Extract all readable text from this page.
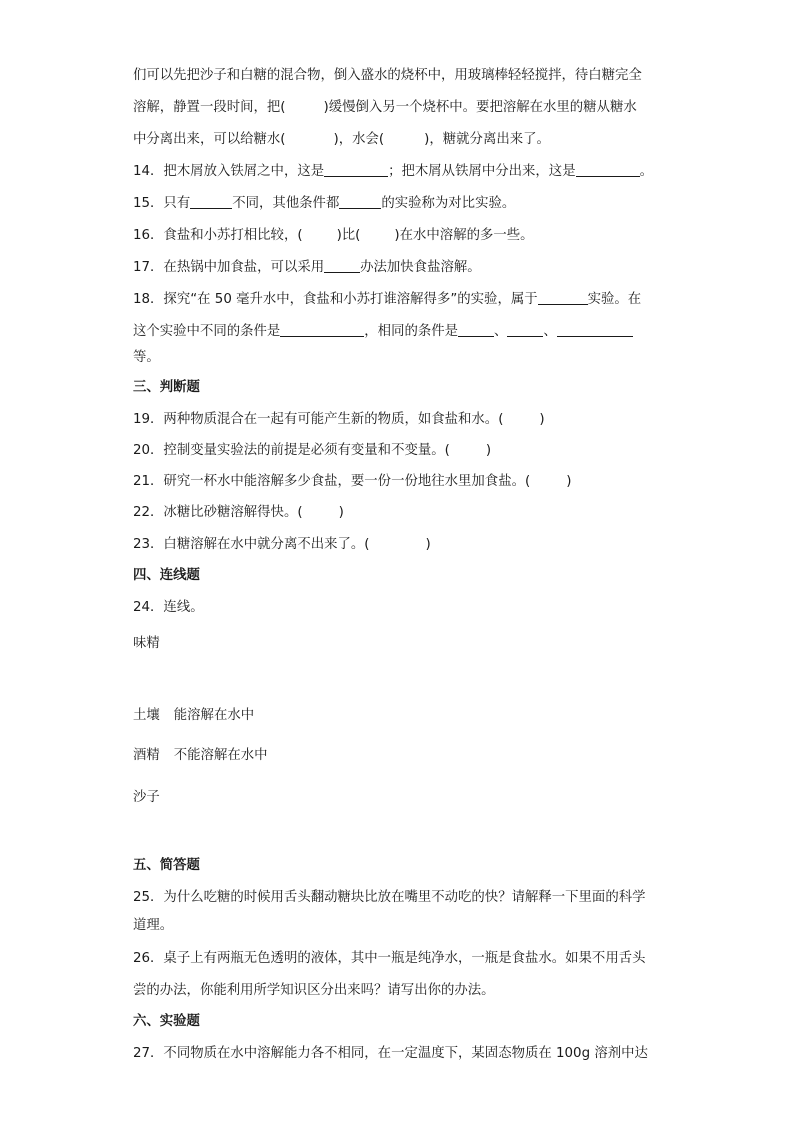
们可以先把沙子和白糖的混合物，倒入盛水的烧杯中，用玻璃棒轻轻搅拌，待白糖完全
溶解，静置一段时间，把(	)缓慢倒入另一个烧杯中。要把溶解在水里的糖从糖水
中分离出来，可以给糖水(	)，水会(	)，糖就分离出来了。
14．把木屑放入铁屑之中，这是	；把木屑从铁屑中分出来，这是	。
15．只有	不同，其他条件都	的实验称为对比实验。
16．食盐和小苏打相比较，(	)比(	)在水中溶解的多一些。
17．在热锅中加食盐，可以采用	办法加快食盐溶解。
18．探究“在 50 毫升水中，食盐和小苏打谁溶解得多”的实验，属于	实验。在
这个实验中不同的条件是	，相同的条件是	、	、
等。
三、判断题
19．两种物质混合在一起有可能产生新的物质，如食盐和水。(	)
20．控制变量实验法的前提是必须有变量和不变量。(	)
21．研究一杯水中能溶解多少食盐，要一份一份地往水里加食盐。(	)
22．冰糖比砂糖溶解得快。(	)
23．白糖溶解在水中就分离不出来了。(	)
四、连线题
24．连线。
味精
土壤 能溶解在水中
酒精 不能溶解在水中
沙子
五、简答题
25．为什么吃糖的时候用舌头翻动糖块比放在嘴里不动吃的快？请解释一下里面的科学
道理。
26．桌子上有两瓶无色透明的液体，其中一瓶是纯净水，一瓶是食盐水。如果不用舌头
尝的办法，你能利用所学知识区分出来吗？请写出你的办法。
六、实验题
27．不同物质在水中溶解能力各不相同，在一定温度下，某固态物质在 100g 溶剂中达
